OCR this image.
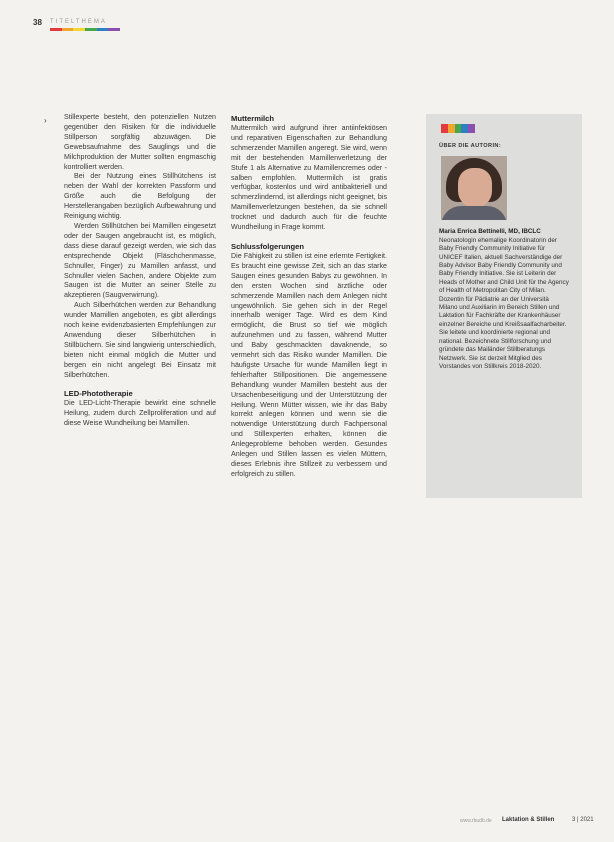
38 TITELTHEMA
› Stillexperte besteht, den potenziellen Nutzen gegenüber den Risiken für die individuelle Stillperson sorgfältig abzuwägen. Die Gewebsaufnahme des Sauglings und die Milchproduktion der Mutter sollten engmaschig kontrolliert werden.

Bei der Nutzung eines Stillhütchens ist neben der Wahl der korrekten Passform und Größe auch die Befolgung der Herstellerangaben bezüglich Aufbewahrung und Reinigung wichtig.

Werden Stillhütchen bei Mamillen eingesetzt oder der Saugen angebraucht ist, es möglich, dass diese darauf gezeigt werden, wie sich das entsprechende Objekt (Fläschchenmasse, Schnuller, Finger) zu Mamillen anfasst, und Schnuller vielen Sachen, andere Objekte zum Saugen ist die Mutter an seiner Stelle zu akzeptieren (Saugverwirrung).

Auch Silberhütchen werden zur Behandlung wunder Mamillen angeboten, es gibt allerdings noch keine evidenzbasierten Empfehlungen zur Anwendung dieser Silberhütchen in Stillbüchern. Sie sind langwierig unterschiedlich, bieten nicht einmal möglich die Mutter und bergen ein nicht angelegt Bei Einsatz mit Silberhütchen.

LED-Phototherapie

Die LED-Licht-Therapie bewirkt eine schnelle Heilung, zudem durch Zellproliferation und auf diese Weise Wundheilung bei Mamillen.

Muttermilch

Muttermilch wird aufgrund ihrer antiinfektiösen und reparativen Eigenschaften zur Behandlung schmerzender Mamillen angeregt. Sie wird, wenn mit der bestehenden Mamillenverletzung der Stufe 1 als Alternative zu Mamillencremes oder -salben empfohlen. Muttermilch ist gratis verfügbar, kostenlos und wird antibakteriell und schmerzlindernd, ist allerdings nicht geeignet, bis Mamillenverletzungen bestehen, da sie schnell trocknet und dadurch auch für die feuchte Wundheilung in Frage kommt.

Schlussfolgerungen

Die Fähigkeit zu stillen ist eine erlernte Fertigkeit. Es braucht eine gewisse Zeit, sich an das starke Saugen eines gesunden Babys zu gewöhnen. In den ersten Wochen sind ärztliche oder schmerzende Mamillen nach dem Anlegen nicht ungewöhnlich. Sie gehen sich in der Regel innerhalb weniger Tage. Wird es dem Kind ermöglicht, die Brust so tief wie möglich aufzunehmen und zu fassen, während Mutter und Baby geschmackten davaknende, so vermehrt sich das Risiko wunder Mamillen. Die häufigste Ursache für wunde Mamillen liegt in fehlerhafter Stillpositionen. Die angemessene Behandlung wunder Mamillen besteht aus der Ursachenbeseitigung und der Unterstützung der Heilung. Wenn Mütter wissen, wie ihr das Baby korrekt anlegen können und wenn sie die notwendige Unterstützung durch Fachpersonal und Stillexperten erhalten, können die Anlegeprobleme behoben werden. Gesundes Anlegen und Stillen lassen es vielen Müttern, dieses Erlebnis ihre Stillzeit zu verbessern und erfolgreich zu stillen.

ÜBER DIE AUTORIN:
Maria Enrica Bettinelli, MD, IBCLC
Neonatologin ehemalige Koordinatorin der Baby Friendly Community Initiative für UNICEF Italien, aktuell Sachverständige der Baby Advisor Baby Friendly Community und Baby Friendly Initiative. Sie ist Leiterin der Heads of Mother and Child Unit für the Agency of Health of Metropolitan City of Milan. Dozentin für Pädiatrie an der Università Milano und Auxiliarin im Bereich Stillen und Laktation für Fachkräfte der Krankenhäuser einzelner Bereiche und Kreißsaalfacharbeiter. Sie leitete und koordinierte regional und national. Bezeichnete Stillforschung und gründete das Mailänder Stillberatungs Netzwerk. Sie ist derzeit Mitglied des Vorstandes von Stillkreis 2018-2020.
www.rbudb.de Laktation & Stillen	3 | 2021
